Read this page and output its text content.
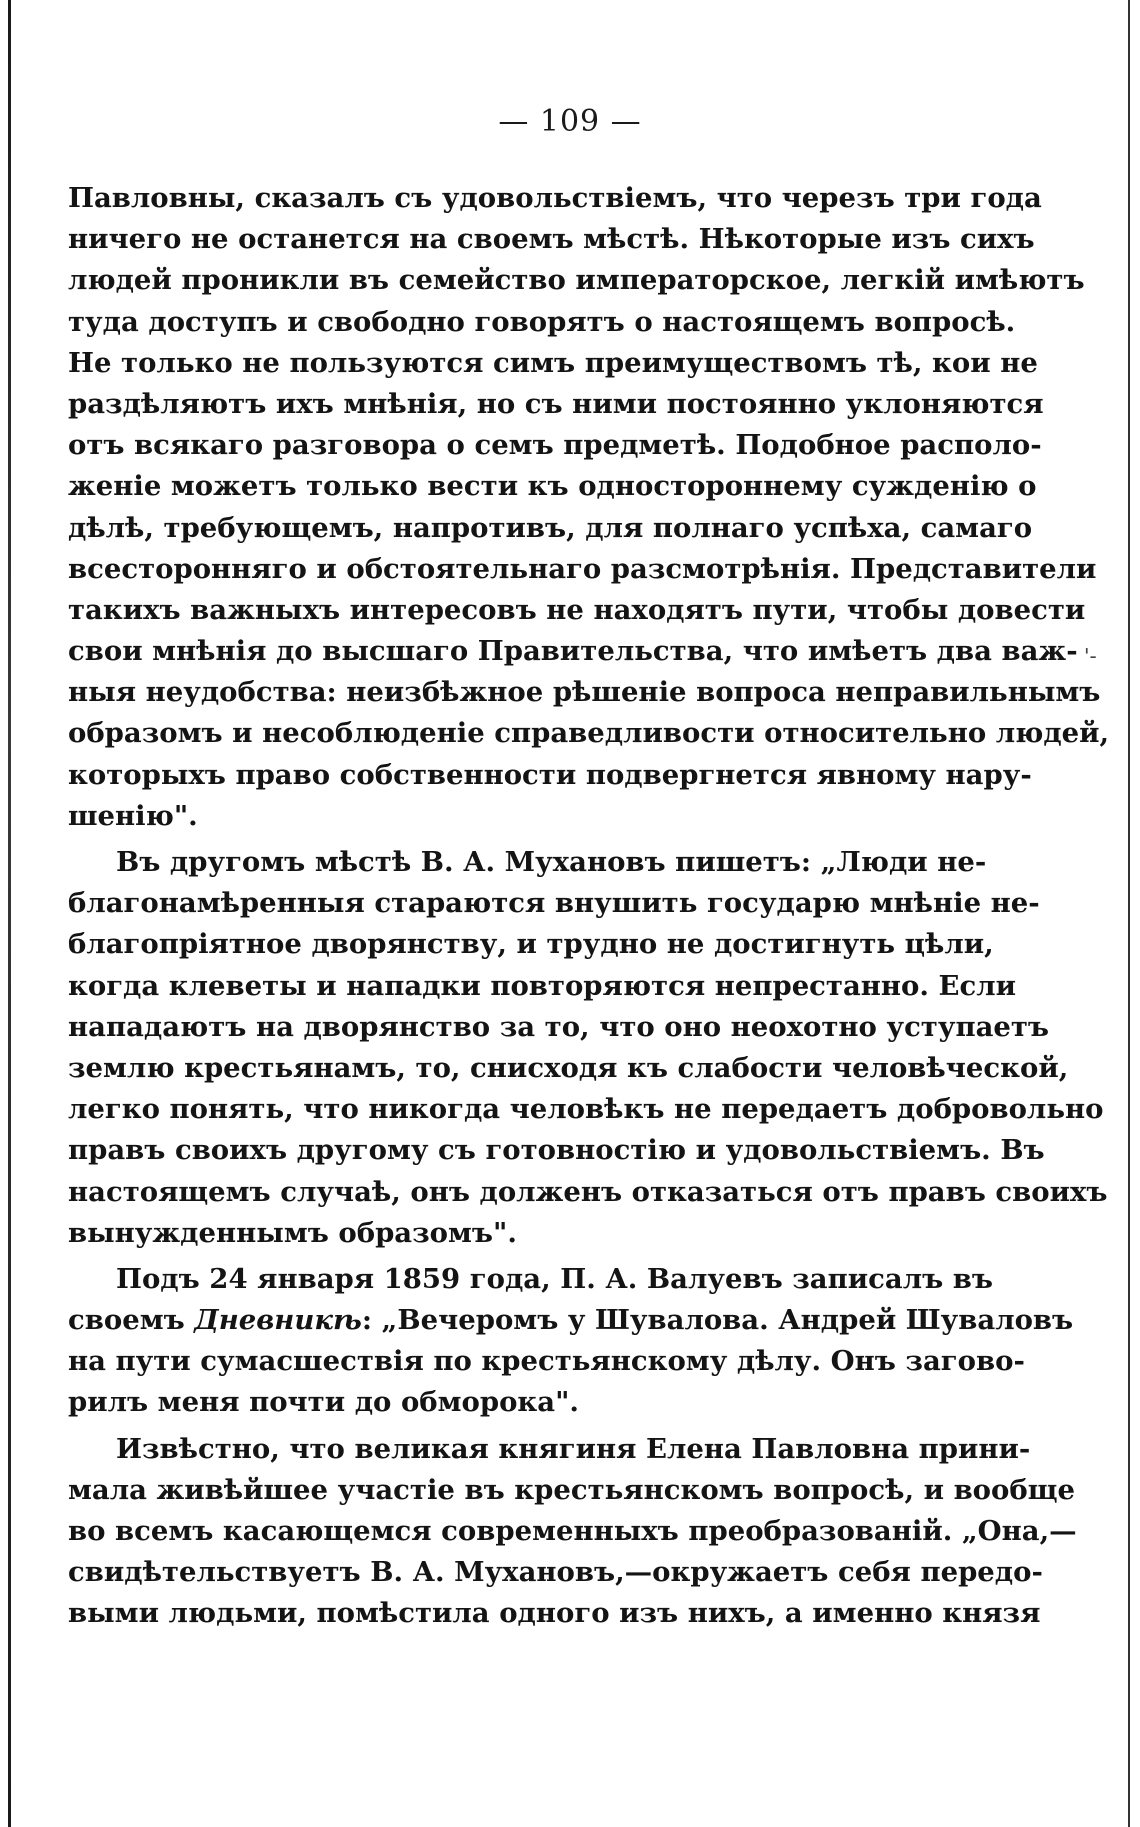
— 109 —
'-
Павловны, сказалъ съ удовольствіемъ, что черезъ три года
ничего не останется на своемъ мѣстѣ. Нѣкоторые изъ сихъ
людей проникли въ семейство императорское, легкій имѣютъ
туда доступъ и свободно говорятъ о настоящемъ вопросѣ.
Не только не пользуются симъ преимуществомъ тѣ, кои не
раздѣляютъ ихъ мнѣнія, но съ ними постоянно уклоняются
отъ всякаго разговора о семъ предметѣ. Подобное располо-
женіе можетъ только вести къ одностороннему сужденію о
дѣлѣ, требующемъ, напротивъ, для полнаго успѣха, самаго
всесторонняго и обстоятельнаго разсмотрѣнія. Представители
такихъ важныхъ интересовъ не находятъ пути, чтобы довести
свои мнѣнія до высшаго Правительства, что имѣетъ два важ-
ныя неудобства: неизбѣжное рѣшеніе вопроса неправильнымъ
образомъ и несоблюденіе справедливости относительно людей,
которыхъ право собственности подвергнется явному нару-
шенію".
Въ другомъ мѣстѣ В. А. Мухановъ пишетъ: „Люди не-
благонамѣренныя стараются внушить государю мнѣніе не-
благопріятное дворянству, и трудно не достигнуть цѣли,
когда клеветы и нападки повторяются непрестанно. Если
нападаютъ на дворянство за то, что оно неохотно уступаетъ
землю крестьянамъ, то, снисходя къ слабости человѣческой,
легко понять, что никогда человѣкъ не передаетъ добровольно
правъ своихъ другому съ готовностію и удовольствіемъ. Въ
настоящемъ случаѣ, онъ долженъ отказаться отъ правъ своихъ
вынужденнымъ образомъ".
Подъ 24 января 1859 года, П. А. Валуевъ записалъ въ
своемъ Дневникѣ: „Вечеромъ у Шувалова. Андрей Шуваловъ
на пути сумасшествія по крестьянскому дѣлу. Онъ загово-
рилъ меня почти до обморока".
Извѣстно, что великая княгиня Елена Павловна прини-
мала живѣйшее участіе въ крестьянскомъ вопросѣ, и вообще
во всемъ касающемся современныхъ преобразованій. „Она,—
свидѣтельствуетъ В. А. Мухановъ,—окружаетъ себя передо-
выми людьми, помѣстила одного изъ нихъ, а именно князя
